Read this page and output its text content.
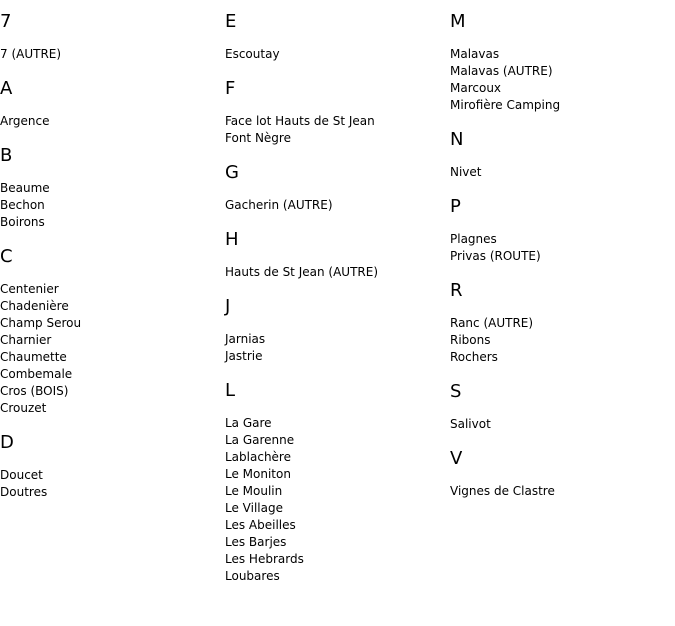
7
7 (AUTRE)
A
Argence
B
Beaume
Bechon
Boirons
C
Centenier
Chadenière
Champ Serou
Charnier
Chaumette
Combemale
Cros (BOIS)
Crouzet
D
Doucet
Doutres
E
Escoutay
F
Face lot Hauts de St Jean
Font Nègre
G
Gacherin (AUTRE)
H
Hauts de St Jean (AUTRE)
J
Jarnias
Jastrie
L
La Gare
La Garenne
Lablachère
Le Moniton
Le Moulin
Le Village
Les Abeilles
Les Barjes
Les Hebrards
Loubares
M
Malavas
Malavas (AUTRE)
Marcoux
Mirofière Camping
N
Nivet
P
Plagnes
Privas (ROUTE)
R
Ranc (AUTRE)
Ribons
Rochers
S
Salivot
V
Vignes de Clastre
